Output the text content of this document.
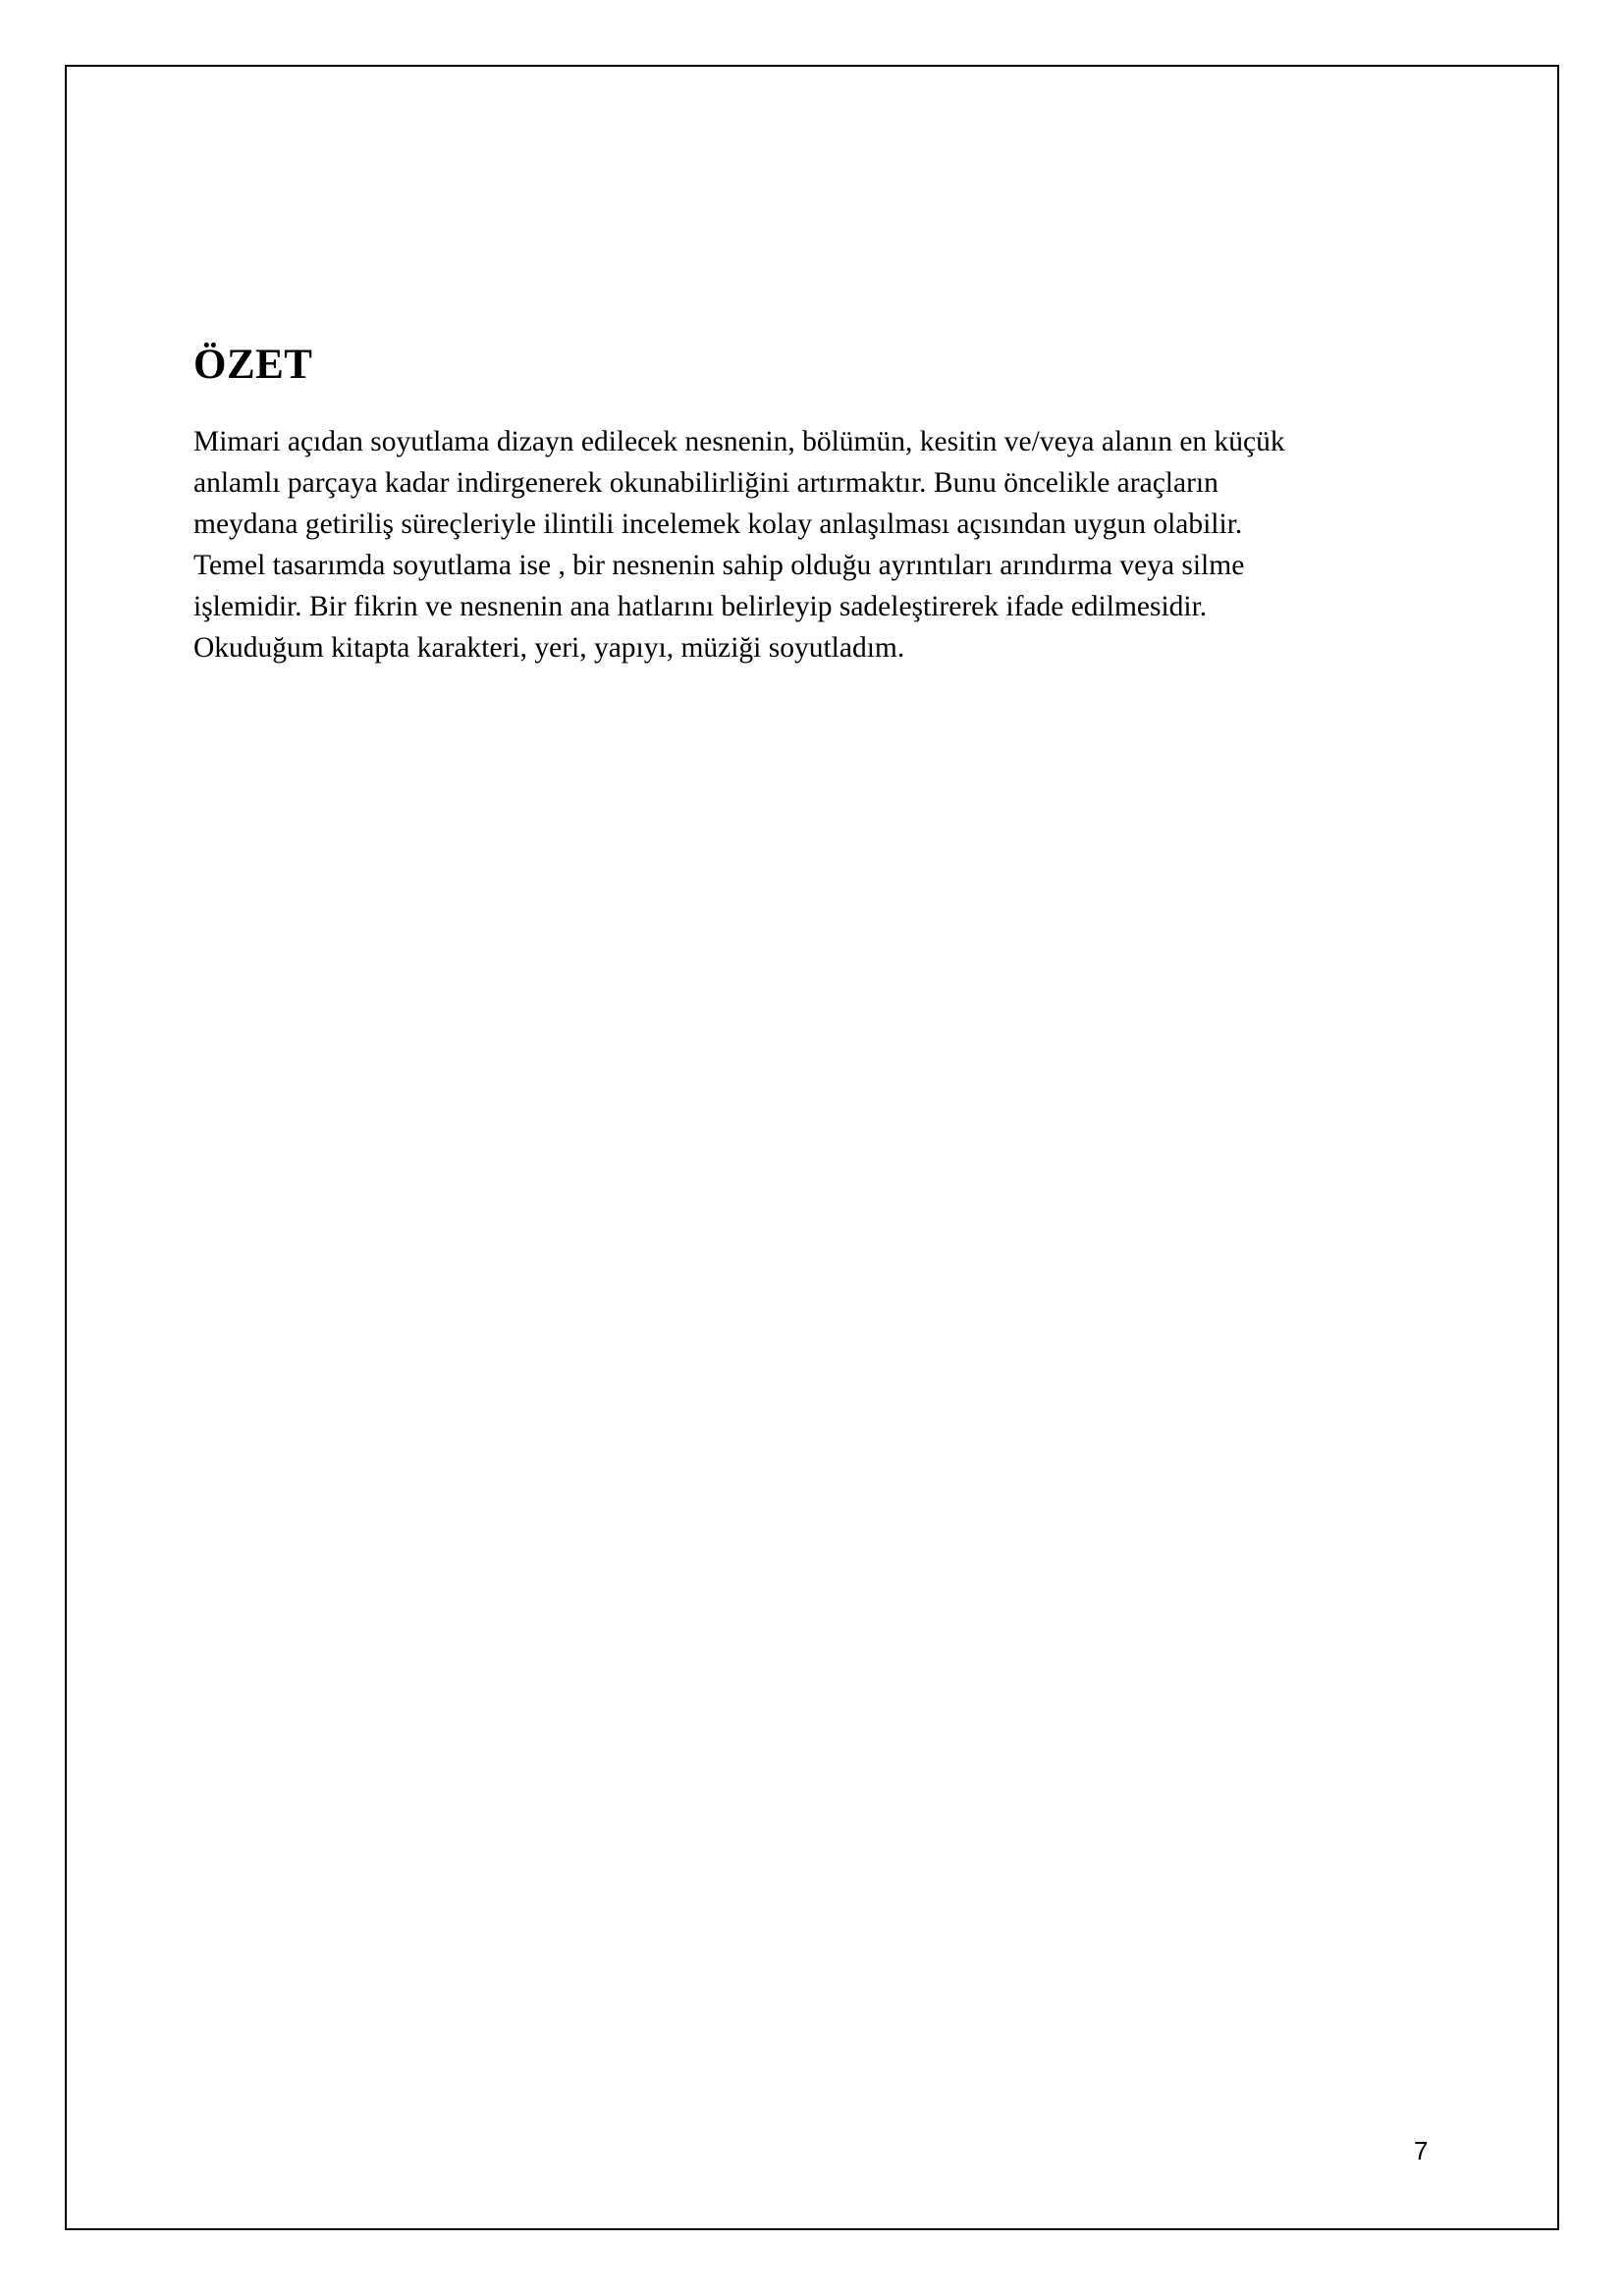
ÖZET

Mimari açıdan soyutlama dizayn edilecek nesnenin, bölümün, kesitin ve/veya alanın en küçük
anlamlı parçaya kadar indirgenerek okunabilirliğini artırmaktır. Bunu öncelikle araçların
meydana getiriliş süreçleriyle ilintili incelemek kolay anlaşılması açısından uygun olabilir.
Temel tasarımda soyutlama ise , bir nesnenin sahip olduğu ayrıntıları arındırma veya silme
işlemidir. Bir fikrin ve nesnenin ana hatlarını belirleyip sadeleştirerek ifade edilmesidir.
Okuduğum kitapta karakteri, yeri, yapıyı, müziği soyutladım.

7
